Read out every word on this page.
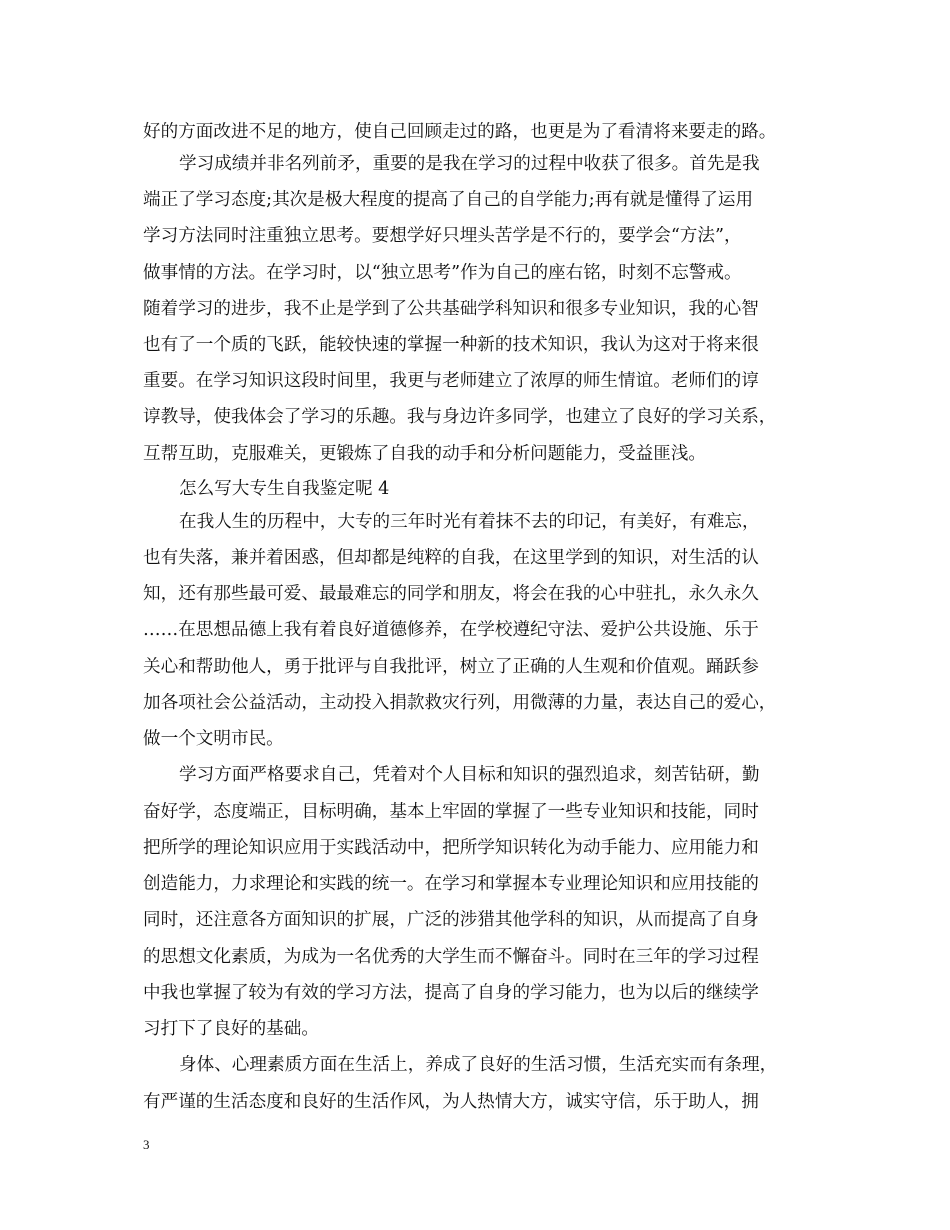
好的方面改进不足的地方，使自己回顾走过的路，也更是为了看清将来要走的路。
学习成绩并非名列前矛，重要的是我在学习的过程中收获了很多。首先是我
端正了学习态度;其次是极大程度的提高了自己的自学能力;再有就是懂得了运用
学习方法同时注重独立思考。要想学好只埋头苦学是不行的，要学会“方法”，
做事情的方法。在学习时，以“独立思考”作为自己的座右铭，时刻不忘警戒。
随着学习的进步，我不止是学到了公共基础学科知识和很多专业知识，我的心智
也有了一个质的飞跃，能较快速的掌握一种新的技术知识，我认为这对于将来很
重要。在学习知识这段时间里，我更与老师建立了浓厚的师生情谊。老师们的谆
谆教导，使我体会了学习的乐趣。我与身边许多同学，也建立了良好的学习关系，
互帮互助，克服难关，更锻炼了自我的动手和分析问题能力，受益匪浅。
怎么写大专生自我鉴定呢 4
在我人生的历程中，大专的三年时光有着抹不去的印记，有美好，有难忘，
也有失落，兼并着困惑，但却都是纯粹的自我，在这里学到的知识，对生活的认
知，还有那些最可爱、最最难忘的同学和朋友，将会在我的心中驻扎，永久永久
……在思想品德上我有着良好道德修养，在学校遵纪守法、爱护公共设施、乐于
关心和帮助他人，勇于批评与自我批评，树立了正确的人生观和价值观。踊跃参
加各项社会公益活动，主动投入捐款救灾行列，用微薄的力量，表达自己的爱心，
做一个文明市民。
学习方面严格要求自己，凭着对个人目标和知识的强烈追求，刻苦钻研，勤
奋好学，态度端正，目标明确，基本上牢固的掌握了一些专业知识和技能，同时
把所学的理论知识应用于实践活动中，把所学知识转化为动手能力、应用能力和
创造能力，力求理论和实践的统一。在学习和掌握本专业理论知识和应用技能的
同时，还注意各方面知识的扩展，广泛的涉猎其他学科的知识，从而提高了自身
的思想文化素质，为成为一名优秀的大学生而不懈奋斗。同时在三年的学习过程
中我也掌握了较为有效的学习方法，提高了自身的学习能力，也为以后的继续学
习打下了良好的基础。
身体、心理素质方面在生活上，养成了良好的生活习惯，生活充实而有条理，
有严谨的生活态度和良好的生活作风，为人热情大方，诚实守信，乐于助人，拥
3
